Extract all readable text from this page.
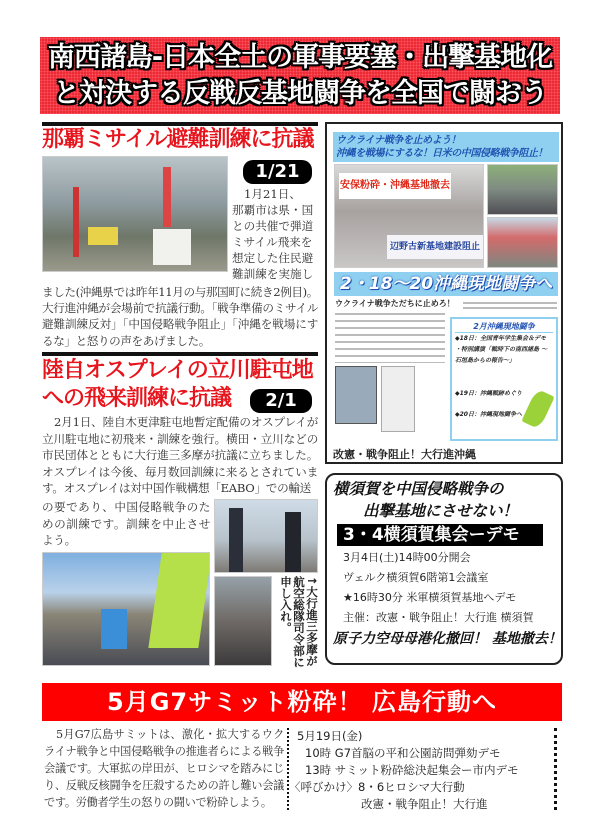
南西諸島-日本全土の軍事要塞・出撃基地化
と対決する反戦反基地闘争を全国で闘おう
那覇ミサイル避難訓練に抗議
1/21
1月21日、
那覇市は県・国
との共催で弾道
ミサイル飛来を
想定した住民避
難訓練を実施し
ました(沖縄県では昨年11月の与那国町に続き2例目)。大行進沖縄が会場前で抗議行動。「戦争準備のミサイル避難訓練反対」「中国侵略戦争阻止」「沖縄を戦場にするな」と怒りの声をあげました。
陸自オスプレイの立川駐屯地
への飛来訓練に抗議	2/1
2月1日、陸自木更津駐屯地暫定配備のオスプレイが立川駐屯地に初飛来・訓練を強行。横田・立川などの市民団体とともに大行進三多摩が抗議に立ちました。オスプレイは今後、毎月数回訓練に来るとされています。オスプレイは対中国作戦構想「EABO」での輸送
の要であり、中国侵略戦争のための訓練です。訓練を中止させよう。
↑大行進三多摩が航空総隊司令部に申し入れ。
ウクライナ戦争を止めよう！
沖縄を戦場にするな！日米の中国侵略戦争阻止！
安保粉砕・沖縄基地撤去
辺野古新基地建設阻止
2・18〜20沖縄現地闘争へ
ウクライナ戦争ただちに止めろ！
2月沖縄現地闘争
◆18日：全国青年学生集会＆デモ
・特別講演「戦時下の南西諸島 〜石垣島からの報告〜」
◆19日：沖縄戦跡めぐり
◆20日：沖縄現地闘争へ
改憲・戦争阻止！大行進沖縄
横須賀を中国侵略戦争の
出撃基地にさせない！
3・4横須賀集会ーデモ
3月4日(土)14時00分開会
ヴェルク横須賀6階第1会議室
★16時30分 米軍横須賀基地へデモ
主催：改憲・戦争阻止！大行進 横須賀
原子力空母母港化撤回！ 基地撤去！
5月G7サミット粉砕！ 広島行動へ
5月G7広島サミットは、激化・拡大するウクライナ戦争と中国侵略戦争の推進者らによる戦争会議です。大軍拡の岸田が、ヒロシマを踏みにじり、反戦反核闘争を圧殺するための許し難い会議です。労働者学生の怒りの闘いで粉砕しよう。
5月19日(金)
10時 G7首脳の平和公園訪問弾劾デモ
13時 サミット粉砕総決起集会ー市内デモ
〈呼びかけ〉8・6ヒロシマ大行動
改憲・戦争阻止！大行進
